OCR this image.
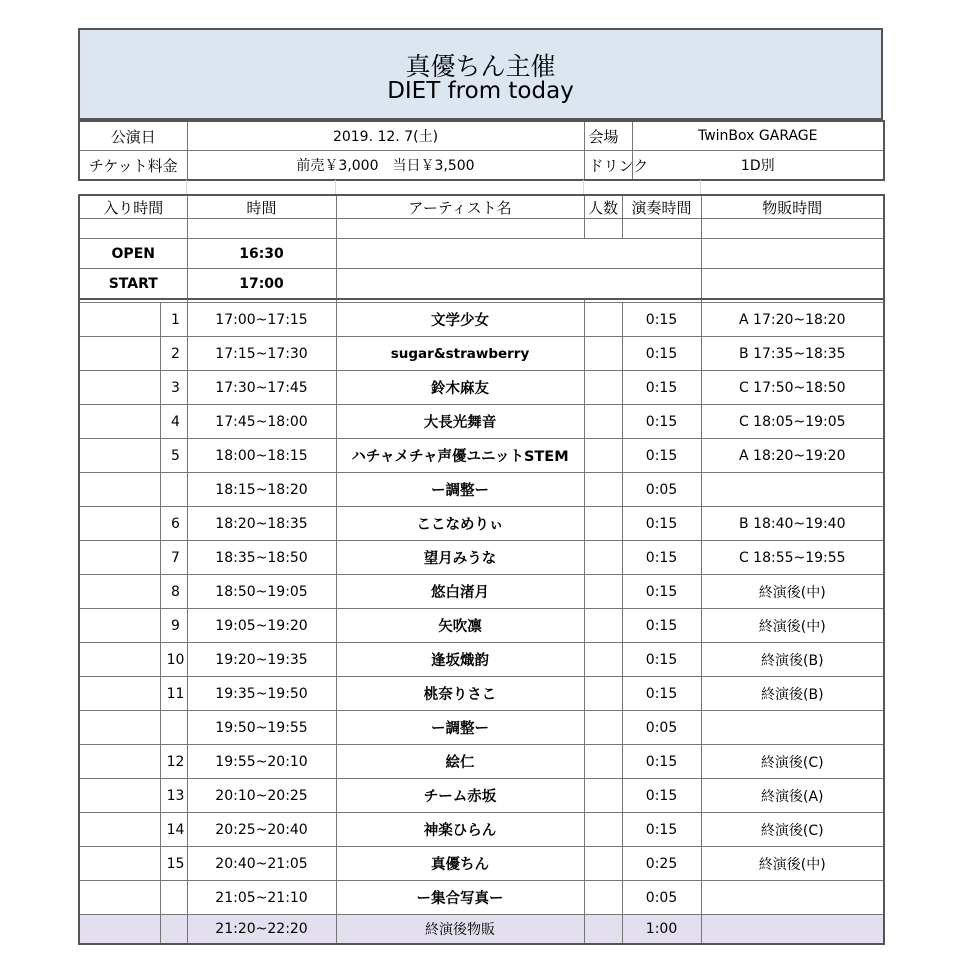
真優ちん主催
DIET from today
公演日	2019. 12. 7(土)	会場	TwinBox GARAGE
チケット料金	前売￥3,000　当日￥3,500	ドリンク	1D別
入り時間		時間	アーティスト名	人数	演奏時間	物販時間

OPEN		16:30				
START		17:00				

	1	17:00~17:15	文学少女		0:15	A 17:20~18:20
	2	17:15~17:30	sugar&strawberry		0:15	B 17:35~18:35
	3	17:30~17:45	鈴木麻友		0:15	C 17:50~18:50
	4	17:45~18:00	大長光舞音		0:15	C 18:05~19:05
	5	18:00~18:15	ハチャメチャ声優ユニットSTEM		0:15	A 18:20~19:20
		18:15~18:20	ー調整ー		0:05	
	6	18:20~18:35	ここなめりぃ		0:15	B 18:40~19:40
	7	18:35~18:50	望月みうな		0:15	C 18:55~19:55
	8	18:50~19:05	悠白渚月		0:15	終演後(中)
	9	19:05~19:20	矢吹凛		0:15	終演後(中)
	10	19:20~19:35	逢坂熾韵		0:15	終演後(B)
	11	19:35~19:50	桃奈りさこ		0:15	終演後(B)
		19:50~19:55	ー調整ー		0:05	
	12	19:55~20:10	絵仁		0:15	終演後(C)
	13	20:10~20:25	チーム赤坂		0:15	終演後(A)
	14	20:25~20:40	神楽ひらん		0:15	終演後(C)
	15	20:40~21:05	真優ちん		0:25	終演後(中)
		21:05~21:10	ー集合写真ー		0:05	
		21:20~22:20	終演後物販		1:00	
